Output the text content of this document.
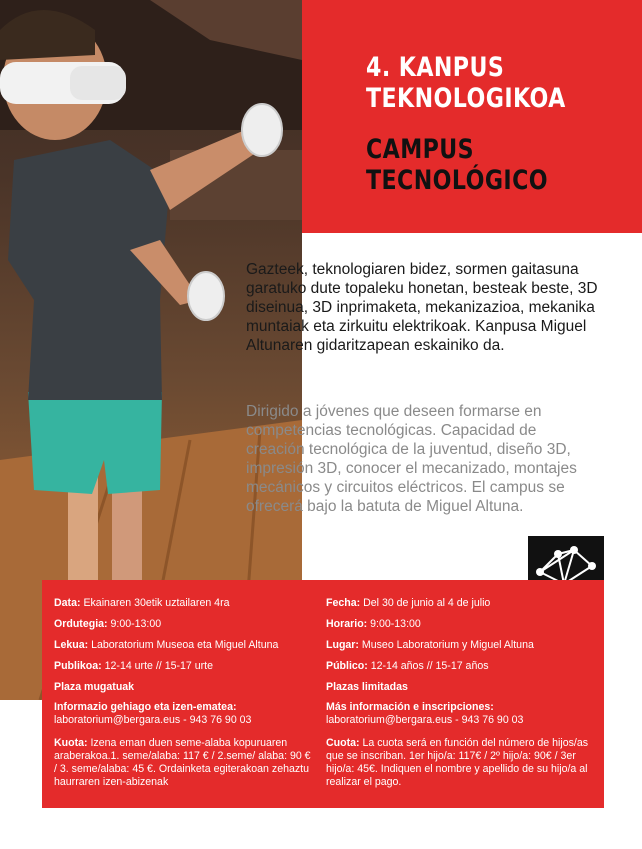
4. KANPUS
TEKNOLOGIKOA
CAMPUS
TECNOLÓGICO

Gazteek, teknologiaren bidez, sormen gaitasuna garatuko dute topaleku honetan, besteak beste, 3D diseinua, 3D inprimaketa, mekanizazioa, mekanika muntaiak eta zirkuitu elektrikoak. Kanpusa Miguel Altunaren gidaritzapean eskainiko da.

Dirigido a jóvenes que deseen formarse en competencias tecnológicas. Capacidad de creación tecnológica de la juventud, diseño 3D, impresión 3D, conocer el mecanizado, montajes mecánicos y circuitos eléctricos. El campus se ofrecerá bajo la batuta de Miguel Altuna.

Data: Ekainaren 30etik uztailaren 4ra
Ordutegia: 9:00-13:00
Lekua: Laboratorium Museoa eta Miguel Altuna
Publikoa: 12-14 urte // 15-17 urte
Plaza mugatuak
Informazio gehiago eta izen-ematea:
laboratorium@bergara.eus - 943 76 90 03
Kuota: Izena eman duen seme-alaba kopuruaren araberakoa.1. seme/alaba: 117 € / 2.seme/ alaba: 90 € / 3. seme/alaba: 45 €. Ordainketa egiterakoan zehaztu haurraren izen-abizenak
Fecha: Del 30 de junio al 4 de julio
Horario: 9:00-13:00
Lugar: Museo Laboratorium y Miguel Altuna
Público: 12-14 años // 15-17 años
Plazas limitadas
Más información e inscripciones:
laboratorium@bergara.eus - 943 76 90 03
Cuota: La cuota será en función del número de hijos/as que se inscriban. 1er hijo/a: 117€ / 2º hijo/a: 90€ / 3er hijo/a: 45€. Indiquen el nombre y apellido de su hijo/a al realizar el pago.
